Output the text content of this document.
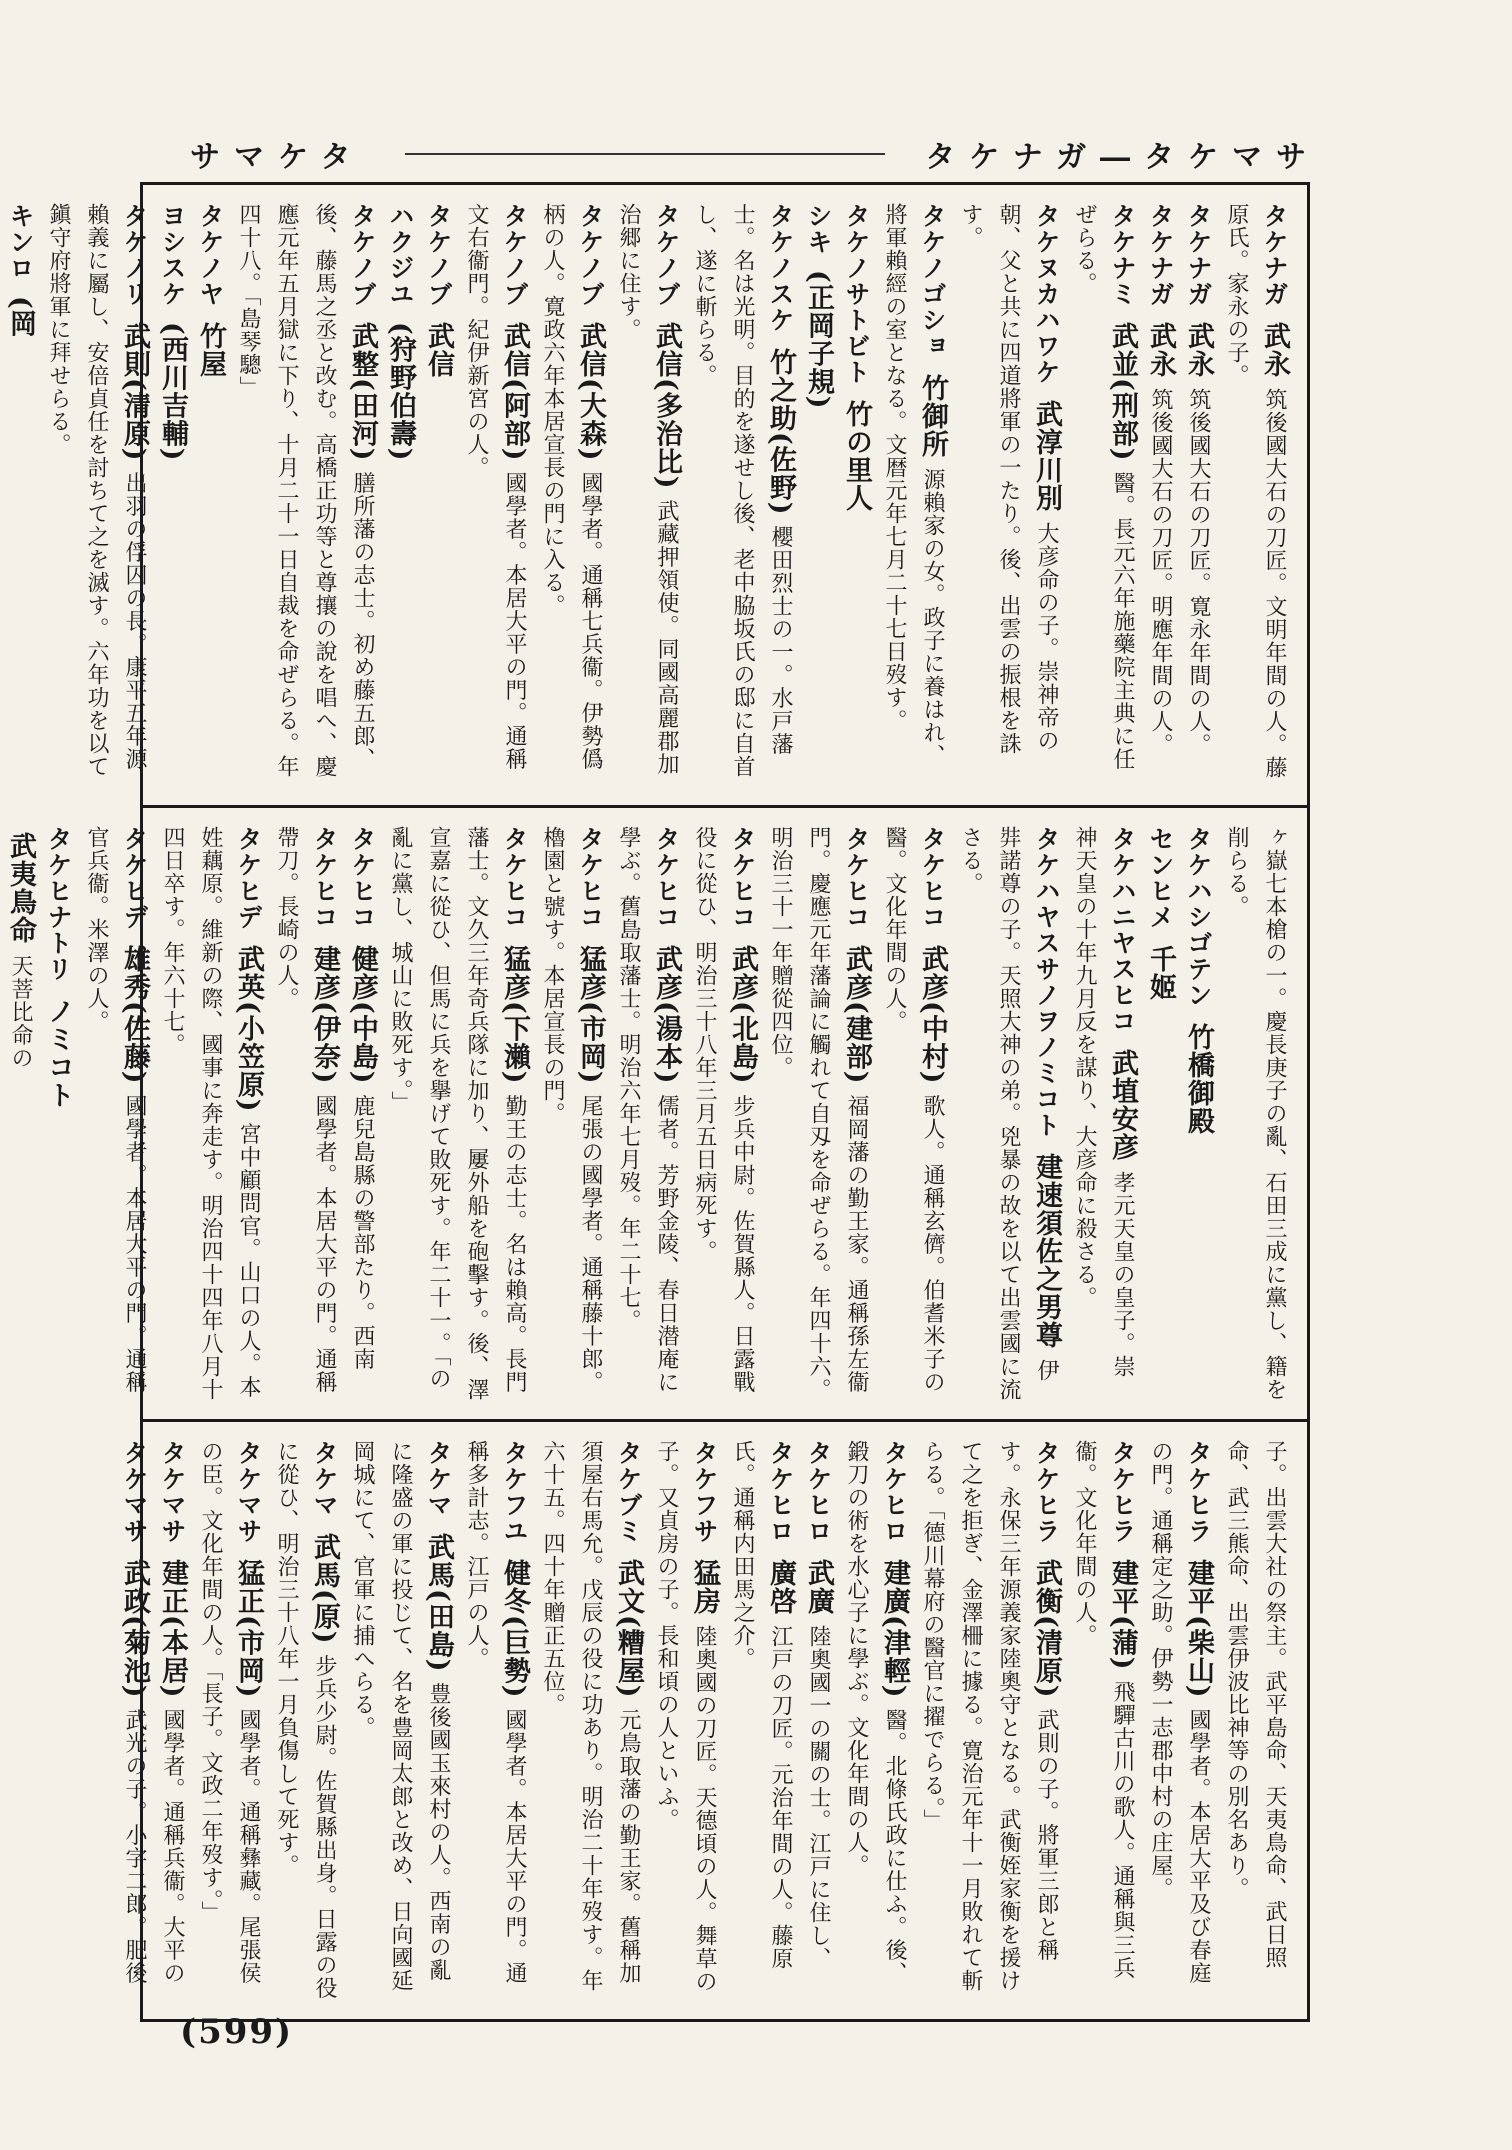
サマケタ	タケナガ―タケマサ

タケナガ 武永 筑後國大石の刀匠。文明年間の人。藤原氏。家永の子。

タケナガ 武永 筑後國大石の刀匠。寛永年間の人。

タケナガ 武永 筑後國大石の刀匠。明應年間の人。

タケナミ 武並(刑部) 醫。長元六年施藥院主典に任ぜらる。

タケヌカハワケ 武淳川別 大彦命の子。崇神帝の朝、父と共に四道將軍の一たり。後、出雲の振根を誅す。

タケノゴショ 竹御所 源賴家の女。政子に養はれ、將軍賴經の室となる。文暦元年七月二十七日歿す。

タケノサトビト 竹の里人

シキ (正岡子規)

タケノスケ 竹之助(佐野) 櫻田烈士の一。水戸藩士。名は光明。目的を遂せし後、老中脇坂氏の邸に自首し、遂に斬らる。

タケノブ 武信(多治比) 武藏押領使。同國高麗郡加治郷に住す。

タケノブ 武信(大森) 國學者。通稱七兵衞。伊勢僞柄の人。寛政六年本居宣長の門に入る。

タケノブ 武信(阿部) 國學者。本居大平の門。通稱文右衞門。紀伊新宮の人。

タケノブ 武信

ハクジユ (狩野伯壽)

タケノブ 武整(田河) 膳所藩の志士。初め藤五郎、後、藤馬之丞と改む。高橋正功等と尊攘の說を唱へ、慶應元年五月獄に下り、十月二十一日自裁を命ぜらる。年四十八。「島琴驄」

タケノヤ 竹屋

ヨシスケ (西川吉輔)

タケノリ 武則(清原) 出羽の俘囚の長。康平五年源賴義に屬し、安倍貞任を討ちて之を滅す。六年功を以て鎭守府將軍に拜せらる。

キンロ (岡

ヶ嶽七本槍の一。慶長庚子の亂、石田三成に黨し、籍を削らる。

タケハシゴテン 竹橋御殿

センヒメ 千姬

タケハニヤスヒコ 武埴安彦 孝元天皇の皇子。崇神天皇の十年九月反を謀り、大彦命に殺さる。

タケハヤスサノヲノミコト 建速須佐之男尊 伊弉諾尊の子。天照大神の弟。兇暴の故を以て出雲國に流さる。

タケヒコ 武彦(中村) 歌人。通稱玄儕。伯耆米子の醫。文化年間の人。

タケヒコ 武彦(建部) 福岡藩の勤王家。通稱孫左衞門。慶應元年藩論に觸れて自刄を命ぜらる。年四十六。明治三十一年贈從四位。

タケヒコ 武彦(北島) 步兵中尉。佐賀縣人。日露戰役に從ひ、明治三十八年三月五日病死す。

タケヒコ 武彦(湯本) 儒者。芳野金陵、春日潜庵に學ぶ。舊島取藩士。明治六年七月歿。年二十七。

タケヒコ 猛彦(市岡) 尾張の國學者。通稱藤十郎。櫓園と號す。本居宣長の門。

タケヒコ 猛彦(下瀨) 勤王の志士。名は賴高。長門藩士。文久三年奇兵隊に加り、屢外船を砲擊す。後、澤宣嘉に從ひ、但馬に兵を擧げて敗死す。年二十一。「の亂に黨し、城山に敗死す。」

タケヒコ 健彦(中島) 鹿兒島縣の警部たり。西南

タケヒコ 建彦(伊奈) 國學者。本居大平の門。通稱帶刀。長崎の人。

タケヒデ 武英(小笠原) 宮中顧問官。山口の人。本姓藕原。維新の際、國事に奔走す。明治四十四年八月十四日卒す。年六十七。

タケヒデ 雄秀(佐藤) 國學者。本居大平の門。通稱官兵衞。米澤の人。

タケヒナトリ ノミコト

武夷鳥命 天菩比命の

子。出雲大社の祭主。武平島命、天夷鳥命、武日照命、武三熊命、出雲伊波比神等の別名あり。

タケヒラ 建平(柴山) 國學者。本居大平及び春庭の門。通稱定之助。伊勢一志郡中村の庄屋。

タケヒラ 建平(蒲) 飛驒古川の歌人。通稱與三兵衞。文化年間の人。

タケヒラ 武衡(清原) 武則の子。將軍三郎と稱す。永保三年源義家陸奧守となる。武衡姪家衡を援けて之を拒ぎ、金澤柵に據る。寛治元年十一月敗れて斬らる。「德川幕府の醫官に擢でらる。」

タケヒロ 建廣(津輕) 醫。北條氏政に仕ふ。後、鍛刀の術を水心子に學ぶ。文化年間の人。

タケヒロ 武廣 陸奧國一の關の士。江戸に住し、

タケヒロ 廣啓 江戸の刀匠。元治年間の人。藤原氏。通稱内田馬之介。

タケフサ 猛房 陸奧國の刀匠。天德頃の人。舞草の子。又貞房の子。長和頃の人といふ。

タケブミ 武文(糟屋) 元鳥取藩の勤王家。舊稱加須屋右馬允。戊辰の役に功あり。明治二十年歿す。年六十五。四十年贈正五位。

タケフユ 健冬(巨勢) 國學者。本居大平の門。通稱多計志。江戸の人。

タケマ 武馬(田島) 豊後國玉來村の人。西南の亂に隆盛の軍に投じて、名を豊岡太郎と改め、日向國延岡城にて、官軍に捕へらる。

タケマ 武馬(原) 步兵少尉。佐賀縣出身。日露の役に從ひ、明治三十八年一月負傷して死す。

タケマサ 猛正(市岡) 國學者。通稱彝藏。尾張侯の臣。文化年間の人。「長子。文政二年歿す。」

タケマサ 建正(本居) 國學者。通稱兵衞。大平の

タケマサ 武政(菊池) 武光の子。小字二郎。肥後

(599)
